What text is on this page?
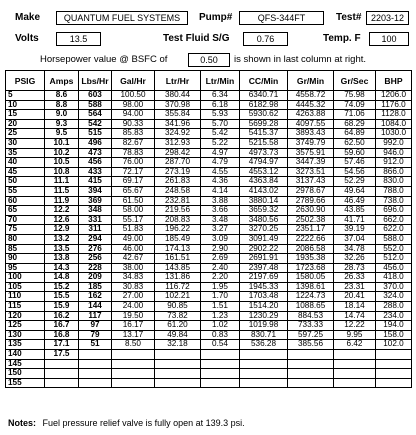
Make	QUANTUM FUEL SYSTEMS	Pump#	QFS-344FT	Test#	2203-12
Volts	13.5	Test Fluid S/G	0.76	Temp. F	100
Horsepower value @ BSFC of	0.50	is shown in last column at right.
PSIG	Amps	Lbs/Hr	Gal/Hr	Ltr/Hr	Ltr/Min	CC/Min	Gr/Min	Gr/Sec	BHP
5	8.6	603	100.50	380.44	6.34	6340.71	4558.72	75.98	1206.0
10	8.8	588	98.00	370.98	6.18	6182.98	4445.32	74.09	1176.0
15	9.0	564	94.00	355.84	5.93	5930.62	4263.88	71.06	1128.0
20	9.3	542	90.33	341.96	5.70	5699.28	4097.55	68.29	1084.0
25	9.5	515	85.83	324.92	5.42	5415.37	3893.43	64.89	1030.0
30	10.1	496	82.67	312.93	5.22	5215.58	3749.79	62.50	992.0
35	10.2	473	78.83	298.42	4.97	4973.73	3575.91	59.60	946.0
40	10.5	456	76.00	287.70	4.79	4794.97	3447.39	57.46	912.0
45	10.8	433	72.17	273.19	4.55	4553.12	3273.51	54.56	866.0
50	11.1	415	69.17	261.83	4.36	4363.84	3137.43	52.29	830.0
55	11.5	394	65.67	248.58	4.14	4143.02	2978.67	49.64	788.0
60	11.9	369	61.50	232.81	3.88	3880.14	2789.66	46.49	738.0
65	12.2	348	58.00	219.56	3.66	3659.32	2630.90	43.85	696.0
70	12.6	331	55.17	208.83	3.48	3480.56	2502.38	41.71	662.0
75	12.9	311	51.83	196.22	3.27	3270.25	2351.17	39.19	622.0
80	13.2	294	49.00	185.49	3.09	3091.49	2222.66	37.04	588.0
85	13.5	276	46.00	174.13	2.90	2902.22	2086.58	34.78	552.0
90	13.8	256	42.67	161.51	2.69	2691.91	1935.38	32.26	512.0
95	14.3	228	38.00	143.85	2.40	2397.48	1723.68	28.73	456.0
100	14.8	209	34.83	131.86	2.20	2197.69	1580.05	26.33	418.0
105	15.2	185	30.83	116.72	1.95	1945.33	1398.61	23.31	370.0
110	15.5	162	27.00	102.21	1.70	1703.48	1224.73	20.41	324.0
115	15.9	144	24.00	90.85	1.51	1514.20	1088.65	18.14	288.0
120	16.2	117	19.50	73.82	1.23	1230.29	884.53	14.74	234.0
125	16.7	97	16.17	61.20	1.02	1019.98	733.33	12.22	194.0
130	16.8	79	13.17	49.84	0.83	830.71	597.25	9.95	158.0
135	17.1	51	8.50	32.18	0.54	536.28	385.56	6.42	102.0
140	17.5								
145									
150									
155									
Notes: Fuel pressure relief valve is fully open at 139.3 psi.
